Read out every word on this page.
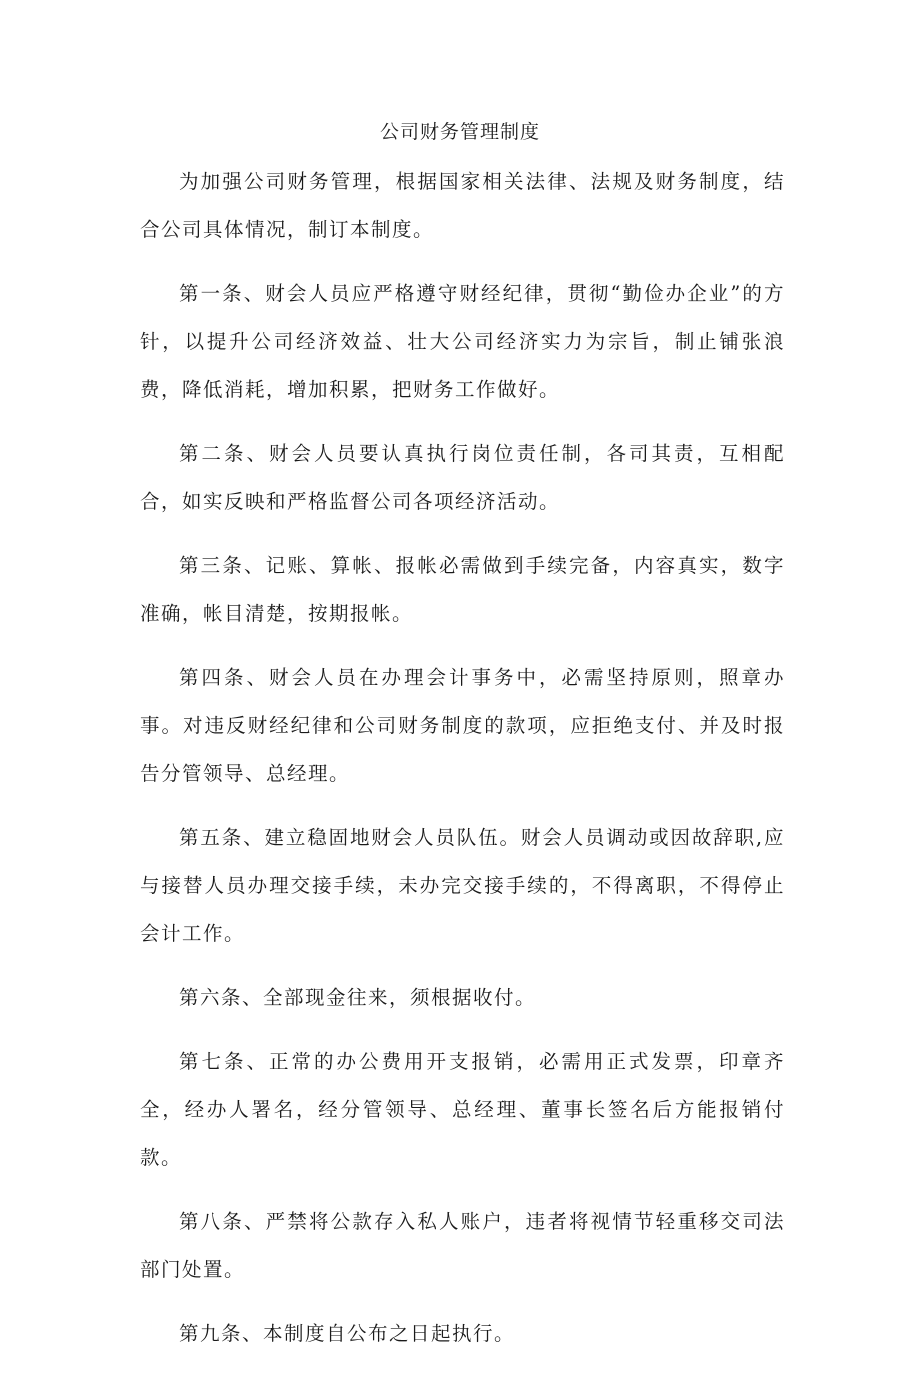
公司财务管理制度

为加强公司财务管理，根据国家相关法律、法规及财务制度，结合公司具体情况，制订本制度。

第一条、财会人员应严格遵守财经纪律，贯彻“勤俭办企业”的方针，以提升公司经济效益、壮大公司经济实力为宗旨，制止铺张浪费，降低消耗，增加积累，把财务工作做好。

第二条、财会人员要认真执行岗位责任制，各司其责，互相配合，如实反映和严格监督公司各项经济活动。

第三条、记账、算帐、报帐必需做到手续完备，内容真实，数字准确，帐目清楚，按期报帐。

第四条、财会人员在办理会计事务中，必需坚持原则，照章办事。对违反财经纪律和公司财务制度的款项，应拒绝支付、并及时报告分管领导、总经理。

第五条、建立稳固地财会人员队伍。财会人员调动或因故辞职,应与接替人员办理交接手续，未办完交接手续的，不得离职，不得停止会计工作。

第六条、全部现金往来，须根据收付。

第七条、正常的办公费用开支报销，必需用正式发票，印章齐全，经办人署名，经分管领导、总经理、董事长签名后方能报销付款。

第八条、严禁将公款存入私人账户，违者将视情节轻重移交司法部门处置。

第九条、本制度自公布之日起执行。
